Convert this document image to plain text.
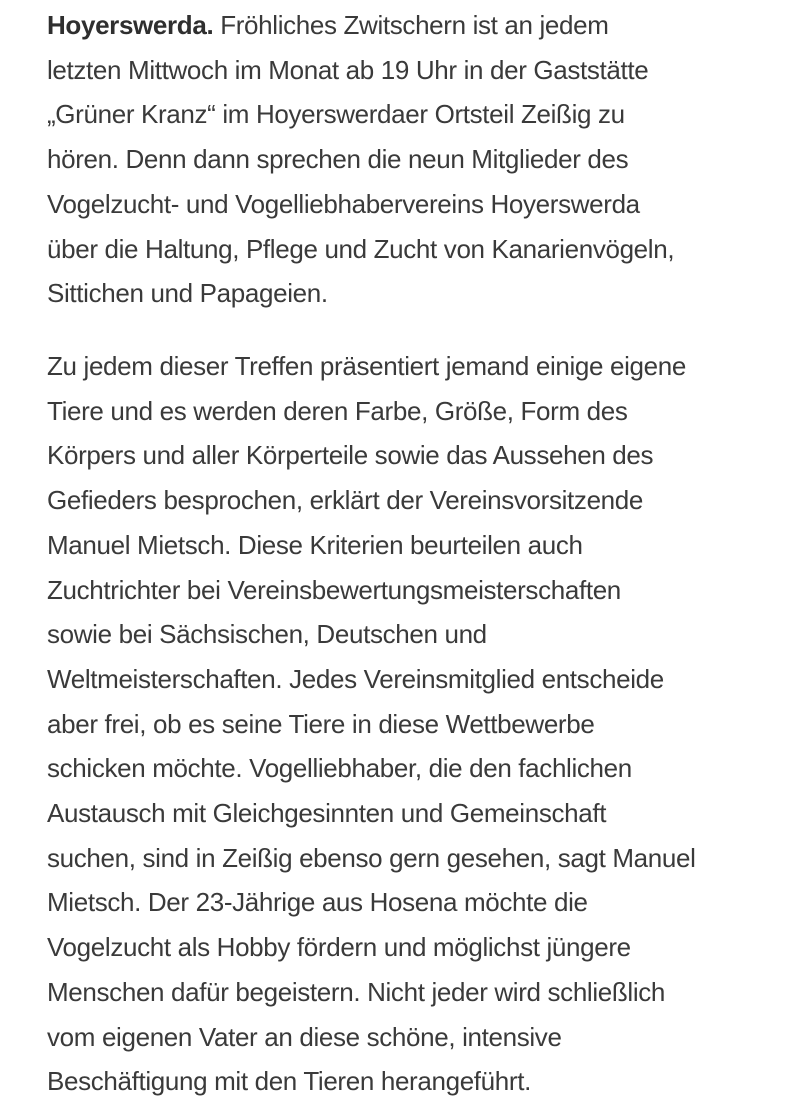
Hoyerswerda. Fröhliches Zwitschern ist an jedem
letzten Mittwoch im Monat ab 19 Uhr in der Gaststätte
„Grüner Kranz“ im Hoyerswerdaer Ortsteil Zeißig zu
hören. Denn dann sprechen die neun Mitglieder des
Vogelzucht- und Vogelliebhabervereins Hoyerswerda
über die Haltung, Pflege und Zucht von Kanarienvögeln,
Sittichen und Papageien.

Zu jedem dieser Treffen präsentiert jemand einige eigene
Tiere und es werden deren Farbe, Größe, Form des
Körpers und aller Körperteile sowie das Aussehen des
Gefieders besprochen, erklärt der Vereinsvorsitzende
Manuel Mietsch. Diese Kriterien beurteilen auch
Zuchtrichter bei Vereinsbewertungsmeisterschaften
sowie bei Sächsischen, Deutschen und
Weltmeisterschaften. Jedes Vereinsmitglied entscheide
aber frei, ob es seine Tiere in diese Wettbewerbe
schicken möchte. Vogelliebhaber, die den fachlichen
Austausch mit Gleichgesinnten und Gemeinschaft
suchen, sind in Zeißig ebenso gern gesehen, sagt Manuel
Mietsch. Der 23-Jährige aus Hosena möchte die
Vogelzucht als Hobby fördern und möglichst jüngere
Menschen dafür begeistern. Nicht jeder wird schließlich
vom eigenen Vater an diese schöne, intensive
Beschäftigung mit den Tieren herangeführt.
